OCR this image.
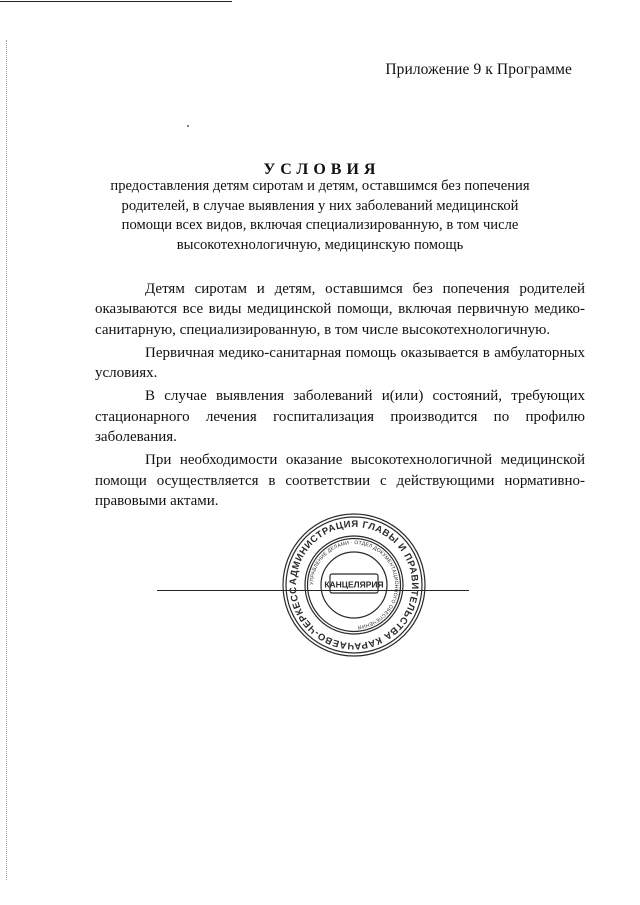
Приложение 9 к Программе
УСЛОВИЯ
предоставления детям сиротам и детям, оставшимся без попечения
родителей, в случае выявления у них заболеваний медицинской
помощи всех видов, включая специализированную, в том числе
высокотехнологичную, медицинскую помощь

Детям сиротам и детям, оставшимся без попечения родителей оказываются все виды медицинской помощи, включая первичную медико-санитарную, специализированную, в том числе высокотехнологичную.

Первичная медико-санитарная помощь оказывается в амбулаторных условиях.

В случае выявления заболеваний и(или) состояний, требующих стационарного лечения госпитализация производится по профилю заболевания.

При необходимости оказание высокотехнологичной медицинской помощи осуществляется в соответствии с действующими нормативно-правовыми актами.

АДМИНИСТРАЦИЯ ГЛАВЫ И ПРАВИТЕЛЬСТВА КАРАЧАЕВО-ЧЕРКЕСС
УПРАВЛЕНИЕ ДЕЛАМИ · ОТДЕЛ ДОКУМЕНТАЦИОННОГО ОБЕСПЕЧЕНИЯ
КАНЦЕЛЯРИЯ
